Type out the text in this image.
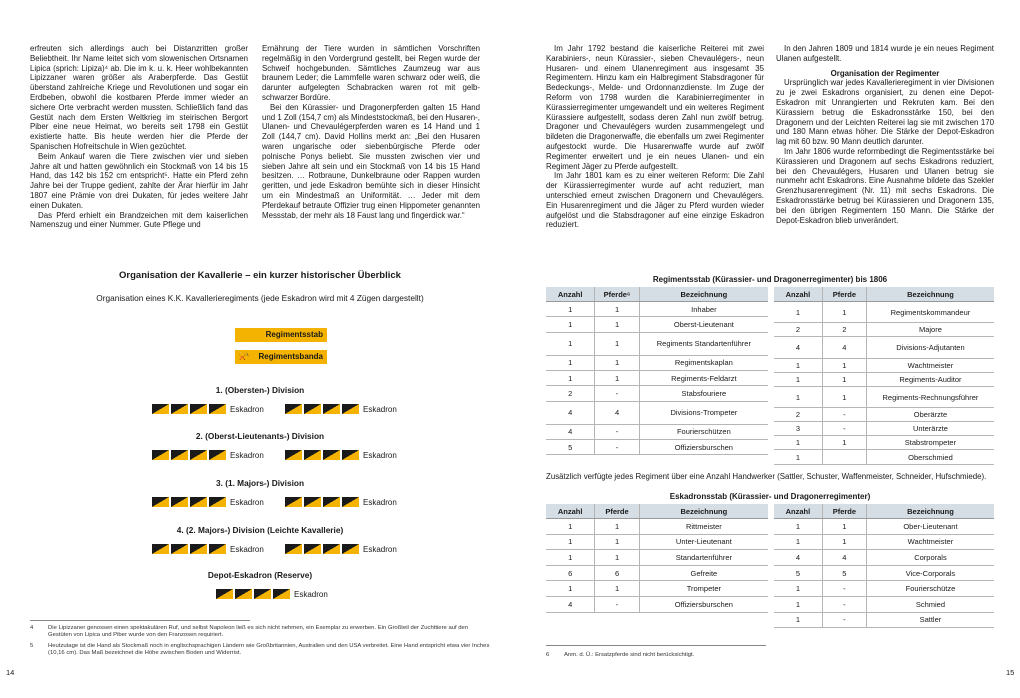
erfreuten sich allerdings auch bei Distanzritten großer Beliebtheit. Ihr Name leitet sich vom slowenischen Ortsnamen Lipica (sprich: Lipiza)⁴ ab. Die im k. u. k. Heer wohlbekannten Lipizzaner waren größer als Araberpferde. Das Gestüt überstand zahlreiche Kriege und Revolutionen und sogar ein Erdbeben, obwohl die kostbaren Pferde immer wieder an sichere Orte verbracht werden mussten. Schließlich fand das Gestüt nach dem Ersten Weltkrieg im steirischen Bergort Piber eine neue Heimat, wo bereits seit 1798 ein Gestüt existierte hatte. Bis heute werden hier die Pferde der Spanischen Hofreitschule in Wien gezüchtet.

Beim Ankauf waren die Tiere zwischen vier und sieben Jahre alt und hatten gewöhnlich ein Stockmaß von 14 bis 15 Hand, das 142 bis 152 cm entspricht⁵. Hatte ein Pferd zehn Jahre bei der Truppe gedient, zahlte der Ärar hierfür im Jahr 1807 eine Prämie von drei Dukaten, für jedes weitere Jahr einen Dukaten.

Das Pferd erhielt ein Brandzeichen mit dem kaiserlichen Namenszug und einer Nummer. Gute Pflege und

Ernährung der Tiere wurden in sämtlichen Vorschriften regelmäßig in den Vordergrund gestellt, bei Regen wurde der Schweif hochgebunden. Sämtliches Zaumzeug war aus braunem Leder; die Lammfelle waren schwarz oder weiß, die darunter aufgelegten Schabracken waren rot mit gelb-schwarzer Bordüre.

Bei den Kürassier- und Dragonerpferden galten 15 Hand und 1 Zoll (154,7 cm) als Mindeststockmaß, bei den Husaren-, Ulanen- und Chevaulégerpferden waren es 14 Hand und 1 Zoll (144,7 cm). David Hollins merkt an: „Bei den Husaren waren ungarische oder siebenbürgische Pferde oder polnische Ponys beliebt. Sie mussten zwischen vier und sieben Jahre alt sein und ein Stockmaß von 14 bis 15 Hand besitzen. … Rotbraune, Dunkelbraune oder Rappen wurden geritten, und jede Eskadron bemühte sich in dieser Hinsicht um ein Mindestmaß an Uniformität. … Jeder mit dem Pferdekauf betraute Offizier trug einen Hippometer genannten Messstab, der mehr als 18 Faust lang und fingerdick war.“

Organisation der Kavallerie – ein kurzer historischer Überblick
Organisation eines K.K. Kavallerieregiments (jede Eskadron wird mit 4 Zügen dargestellt)
Regimentsstab
📯 Regimentsbanda
1. (Obersten-) Division
Eskadron	Eskadron
2. (Oberst-Lieutenants-) Division
Eskadron	Eskadron
3. (1. Majors-) Division
Eskadron	Eskadron
4. (2. Majors-) Division (Leichte Kavallerie)
Eskadron	Eskadron
Depot-Eskadron (Reserve)
Eskadron
4 Die Lipizzaner genossen einen spektakulären Ruf, und selbst Napoleon ließ es sich nicht nehmen, ein Exemplar zu erwerben. Ein Großteil der Zuchttiere auf den Gestüten von Lipica und Piber wurde von den Franzosen requiriert.
5 Heutzutage ist die Hand als Stockmaß noch in englischsprachigen Ländern wie Großbritannien, Australien und den USA verbreitet. Eine Hand entspricht etwa vier Inches (10,16 cm). Das Maß bezeichnet die Höhe zwischen Boden und Widerrist.
14

Im Jahr 1792 bestand die kaiserliche Reiterei mit zwei Karabiniers-, neun Kürassier-, sieben Chevaulégers-, neun Husaren- und einem Ulanenregiment aus insgesamt 35 Regimentern. Hinzu kam ein Halbregiment Stabsdragoner für Bedeckungs-, Melde- und Ordonnanzdienste. Im Zuge der Reform von 1798 wurden die Karabinierregimenter in Kürassierregimenter umgewandelt und ein weiteres Regiment Kürassiere aufgestellt, sodass deren Zahl nun zwölf betrug. Dragoner und Chevaulégers wurden zusammengelegt und bildeten die Dragonerwaffe, die ebenfalls um zwei Regimenter aufgestockt wurde. Die Husarenwaffe wurde auf zwölf Regimenter erweitert und je ein neues Ulanen- und ein Regiment Jäger zu Pferde aufgestellt.

Im Jahr 1801 kam es zu einer weiteren Reform: Die Zahl der Kürassierregimenter wurde auf acht reduziert, man unterschied erneut zwischen Dragonern und Chevaulégers. Ein Husarenregiment und die Jäger zu Pferd wurden wieder aufgelöst und die Stabsdragoner auf eine einzige Eskadron reduziert.

In den Jahren 1809 und 1814 wurde je ein neues Regiment Ulanen aufgestellt.

Organisation der Regimenter

Ursprünglich war jedes Kavallerieregiment in vier Divisionen zu je zwei Eskadrons organisiert, zu denen eine Depot-Eskadron mit Unrangierten und Rekruten kam. Bei den Kürassiern betrug die Eskadronsstärke 150, bei den Dragonern und der Leichten Reiterei lag sie mit zwischen 170 und 180 Mann etwas höher. Die Stärke der Depot-Eskadron lag mit 60 bzw. 90 Mann deutlich darunter.

Im Jahr 1806 wurde reformbedingt die Regimentsstärke bei Kürassieren und Dragonern auf sechs Eskadrons reduziert, bei den Chevaulégers, Husaren und Ulanen betrug sie nunmehr acht Eskadrons. Eine Ausnahme bildete das Szekler Grenzhusarenregiment (Nr. 11) mit sechs Eskadrons. Die Eskadronsstärke betrug bei Kürassieren und Dragonern 135, bei den übrigen Regimentern 150 Mann. Die Stärke der Depot-Eskadron blieb unverändert.

Regimentsstab (Kürassier- und Dragonerregimenter) bis 1806
Anzahl	Pferde⁶	Bezeichnung
1	1	Inhaber
1	1	Oberst-Lieutenant
1	1	Regiments Standartenführer
1	1	Regimentskaplan
1	1	Regiments-Feldarzt
2	-	Stabsfouriere
4	4	Divisions-Trompeter
4	-	Fourierschützen
5	-	Offiziersburschen
Anzahl	Pferde	Bezeichnung
1	1	Regimentskommandeur
2	2	Majore
4	4	Divisions-Adjutanten
1	1	Wachtmeister
1	1	Regiments-Auditor
1	1	Regiments-Rechnungsführer
2	-	Oberärzte
3	-	Unterärzte
1	1	Stabstrompeter
1		Oberschmied
Zusätzlich verfügte jedes Regiment über eine Anzahl Handwerker (Sattler, Schuster, Waffenmeister, Schneider, Hufschmiede).
Eskadronsstab (Kürassier- und Dragonerregimenter)
Anzahl	Pferde	Bezeichnung
1	1	Rittmeister
1	1	Unter-Lieutenant
1	1	Standartenführer
6	6	Gefreite
1	1	Trompeter
4	-	Offiziersburschen
Anzahl	Pferde	Bezeichnung
1	1	Ober-Lieutenant
1	1	Wachtmeister
4	4	Corporals
5	5	Vice-Corporals
1	-	Fourierschütze
1	-	Schmied
1	-	Sattler
6 Anm. d. Ü.: Ersatzpferde sind nicht berücksichtigt.
15
